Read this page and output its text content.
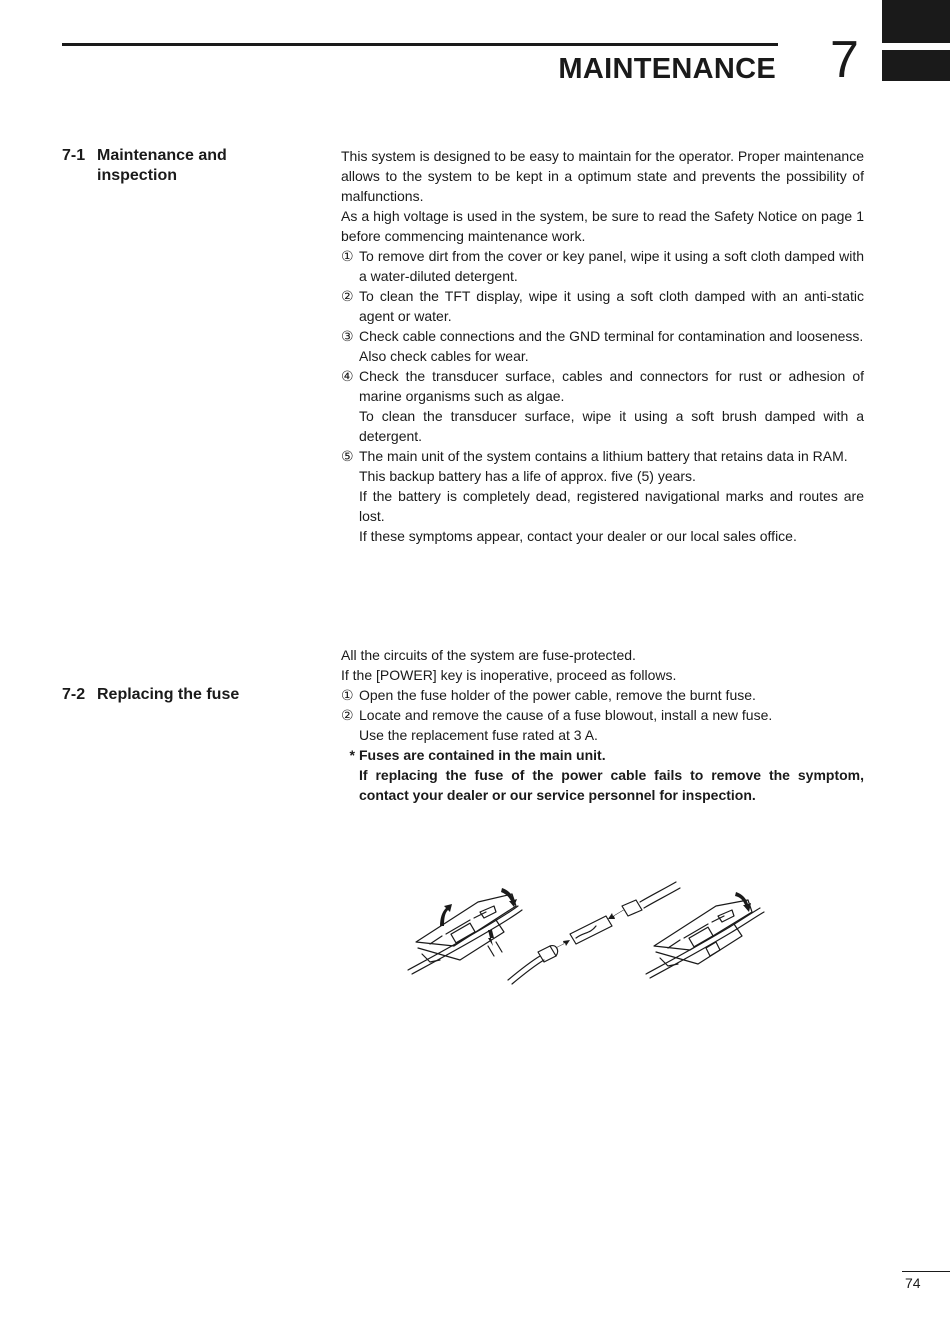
MAINTENANCE 7
7-1 Maintenance and
inspection

This system is designed to be easy to maintain for the operator. Proper maintenance allows to the system to be kept in a optimum state and prevents the possibility of malfunctions.

As a high voltage is used in the system, be sure to read the Safety Notice on page 1 before commencing maintenance work.

① To remove dirt from the cover or key panel, wipe it using a soft cloth damped with a water-diluted detergent.
② To clean the TFT display, wipe it using a soft cloth damped with an anti-static agent or water.
③ Check cable connections and the GND terminal for contamination and looseness.
Also check cables for wear.
④ Check the transducer surface, cables and connectors for rust or adhesion of marine organisms such as algae.
To clean the transducer surface, wipe it using a soft brush damped with a detergent.
⑤ The main unit of the system contains a lithium battery that retains data in RAM.
This backup battery has a life of approx. five (5) years.
If the battery is completely dead, registered navigational marks and routes are lost.
If these symptoms appear, contact your dealer or our local sales office.
7-2 Replacing the fuse

All the circuits of the system are fuse-protected.

If the [POWER] key is inoperative, proceed as follows.

① Open the fuse holder of the power cable, remove the burnt fuse.
② Locate and remove the cause of a fuse blowout, install a new fuse.
Use the replacement fuse rated at 3 A.
* Fuses are contained in the main unit.
If replacing the fuse of the power cable fails to remove the symptom, contact your dealer or our service personnel for inspection.
74
